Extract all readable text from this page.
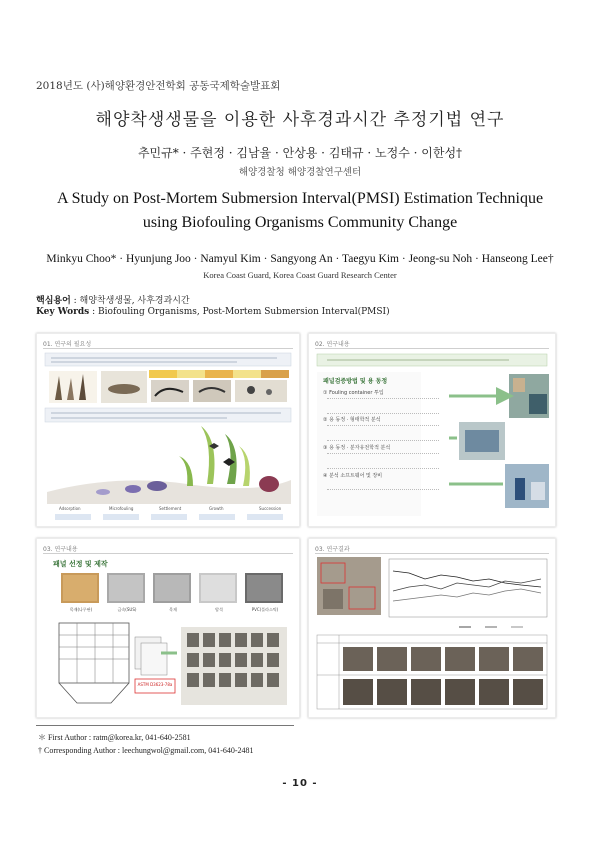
2018년도 (사)해양환경안전학회 공동국제학술발표회
해양착생생물을 이용한 사후경과시간 추정기법 연구
추민규* · 주현정 · 김남율 · 안상용 · 김태규 · 노정수 · 이한성†
해양경찰청 해양경찰연구센터
A Study on Post-Mortem Submersion Interval(PMSI) Estimation Technique
using Biofouling Organisms Community Change
Minkyu Choo* · Hyunjung Joo · Namyul Kim · Sangyong An · Taegyu Kim · Jeong-su Noh · Hanseong Lee†
Korea Coast Guard, Korea Coast Guard Research Center
핵심용어 : 해양착생생물, 사후경과시간
Key Words : Biofouling Organisms, Post-Mortem Submersion Interval(PMSI)
01. 연구의 필요성
Adsorption	Microfouling	Settlement	Growth	Succession
02. 연구내용
패널검증방법 및 용 동정
① Fouling container 투입
② 용 동정 · 형태학적 분석
③ 용 동정 · 분자유전학적 분석
④ 분석 소프트웨어 및 장비
03. 연구내용
패널 선정 및 제작
목재(나무판)	금속(SUS)	목재	암석	PVC(플라스틱)
ASTM D3623-78a
03. 연구결과
＊ First Author : ratm@korea.kr, 041-640-2581
† Corresponding Author : leechungwol@gmail.com, 041-640-2481
- 10 -
